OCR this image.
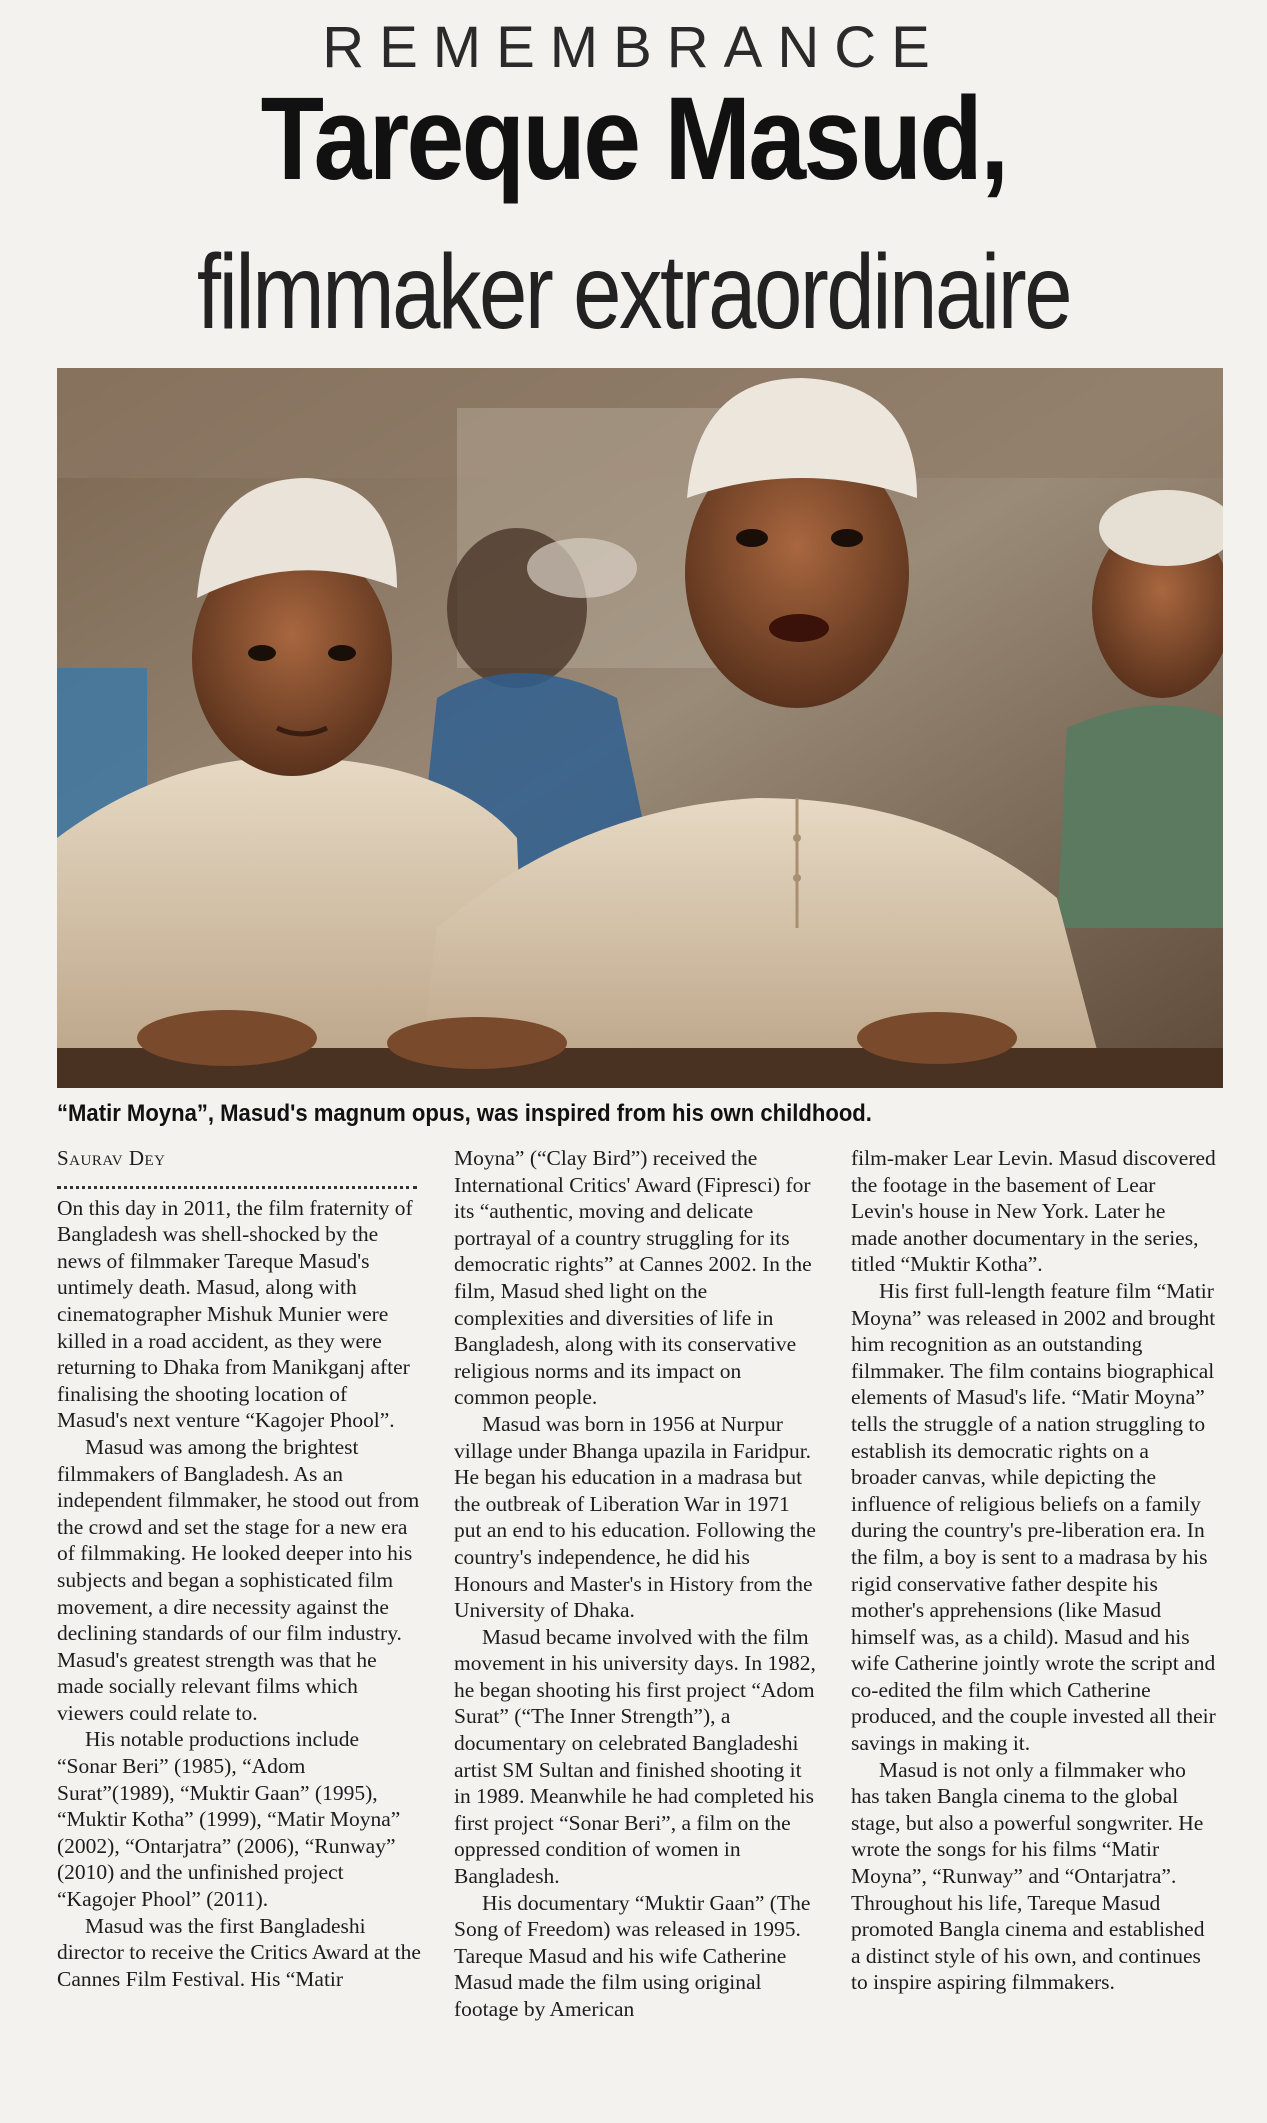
REMEMBRANCE
Tareque Masud,
filmmaker extraordinaire
“Matir Moyna”, Masud's magnum opus, was inspired from his own childhood.
Saurav Dey

On this day in 2011, the film fraternity of Bangladesh was shell-shocked by the news of filmmaker Tareque Masud's untimely death. Masud, along with cinematographer Mishuk Munier were killed in a road accident, as they were returning to Dhaka from Manikganj after finalising the shooting location of Masud's next venture “Kagojer Phool”.

Masud was among the brightest filmmakers of Bangladesh. As an independent filmmaker, he stood out from the crowd and set the stage for a new era of filmmaking. He looked deeper into his subjects and began a sophisticated film movement, a dire necessity against the declining standards of our film industry. Masud's greatest strength was that he made socially relevant films which viewers could relate to.

His notable productions include “Sonar Beri” (1985), “Adom Surat”(1989), “Muktir Gaan” (1995), “Muktir Kotha” (1999), “Matir Moyna” (2002), “Ontarjatra” (2006), “Runway” (2010) and the unfinished project “Kagojer Phool” (2011).

Masud was the first Bangladeshi director to receive the Critics Award at the Cannes Film Festival. His “Matir

Moyna” (“Clay Bird”) received the International Critics' Award (Fipresci) for its “authentic, moving and delicate portrayal of a country struggling for its democratic rights” at Cannes 2002. In the film, Masud shed light on the complexities and diversities of life in Bangladesh, along with its conservative religious norms and its impact on common people.

Masud was born in 1956 at Nurpur village under Bhanga upazila in Faridpur. He began his education in a madrasa but the outbreak of Liberation War in 1971 put an end to his education. Following the country's independence, he did his Honours and Master's in History from the University of Dhaka.

Masud became involved with the film movement in his university days. In 1982, he began shooting his first project “Adom Surat” (“The Inner Strength”), a documentary on celebrated Bangladeshi artist SM Sultan and finished shooting it in 1989. Meanwhile he had completed his first project “Sonar Beri”, a film on the oppressed condition of women in Bangladesh.

His documentary “Muktir Gaan” (The Song of Freedom) was released in 1995. Tareque Masud and his wife Catherine Masud made the film using original footage by American

film-maker Lear Levin. Masud discovered the footage in the basement of Lear Levin's house in New York. Later he made another documentary in the series, titled “Muktir Kotha”.

His first full-length feature film “Matir Moyna” was released in 2002 and brought him recognition as an outstanding filmmaker. The film contains biographical elements of Masud's life. “Matir Moyna” tells the struggle of a nation struggling to establish its democratic rights on a broader canvas, while depicting the influence of religious beliefs on a family during the country's pre-liberation era. In the film, a boy is sent to a madrasa by his rigid conservative father despite his mother's apprehensions (like Masud himself was, as a child). Masud and his wife Catherine jointly wrote the script and co-edited the film which Catherine produced, and the couple invested all their savings in making it.

Masud is not only a filmmaker who has taken Bangla cinema to the global stage, but also a powerful songwriter. He wrote the songs for his films “Matir Moyna”, “Runway” and “Ontarjatra”. Throughout his life, Tareque Masud promoted Bangla cinema and established a distinct style of his own, and continues to inspire aspiring filmmakers.
